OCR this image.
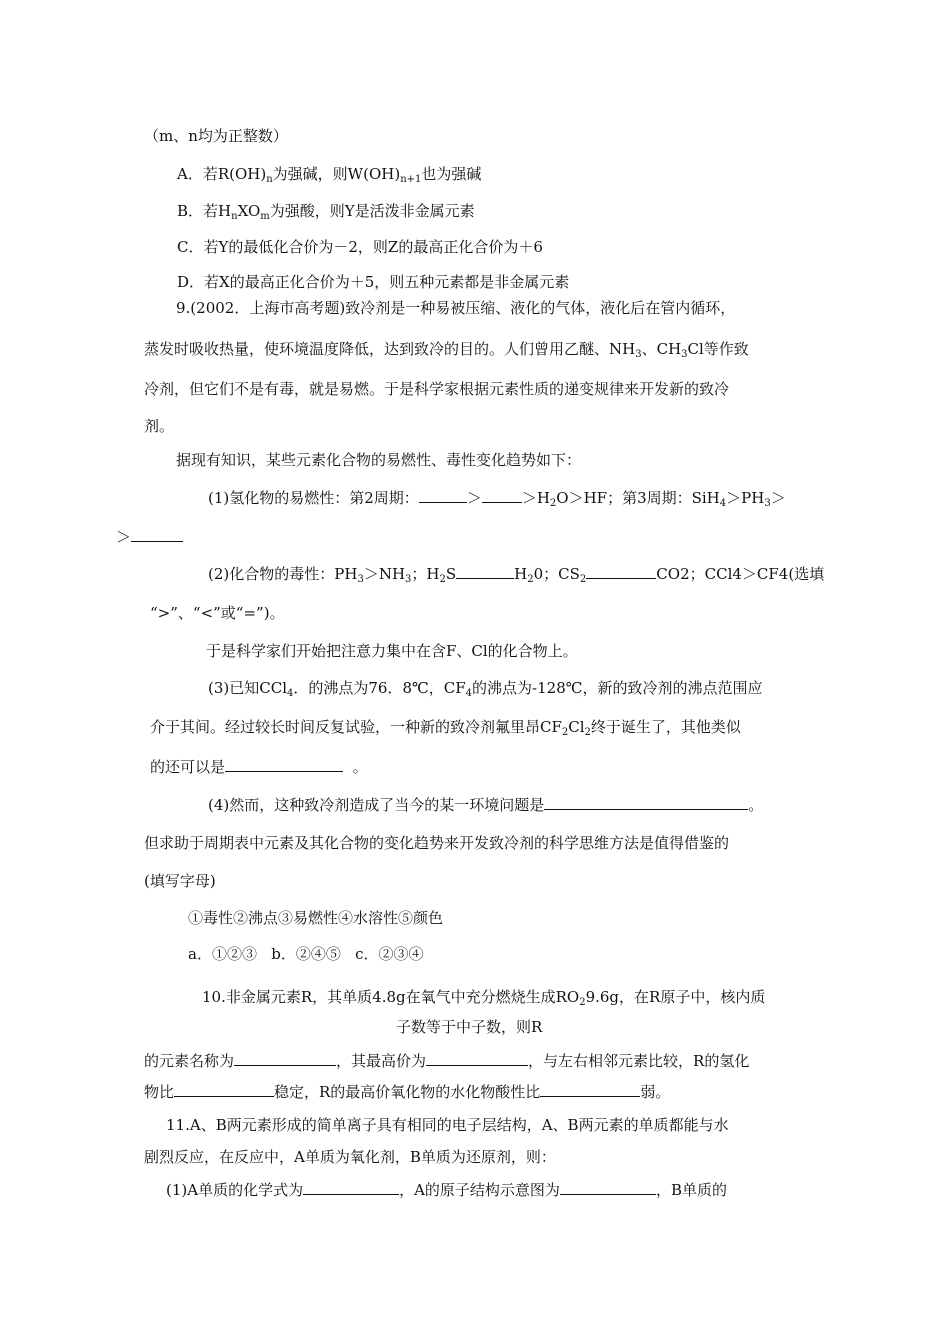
（m、n均为正整数）
A．若$R(OH)_n$为强碱，则$W(OH)_{n+1}$也为强碱
B．若$H_nXO_m$为强酸，则Y是活泼非金属元素
C．若Y的最低化合价为－2，则Z的最高正化合价为＋6
D．若X的最高正化合价为＋5，则五种元素都是非金属元素
9.(2002．上海市高考题)致冷剂是一种易被压缩、液化的气体，液化后在管内循环，
蒸发时吸收热量，使环境温度降低，达到致冷的目的。人们曾用乙醚、$NH_3$、$CH_3Cl$等作致
冷剂，但它们不是有毒，就是易燃。于是科学家根据元素性质的递变规律来开发新的致冷
剂。
据现有知识，某些元素化合物的易燃性、毒性变化趋势如下：
(1)氢化物的易燃性：第2周期：	＞	$>H_2O>HF$；第3周期：$SiH_4>PH_3>$
＞
(2)化合物的毒性：$PH_3>NH_3$；$H_2S$	$H_20$；$CS_2$	CO2；CCl4＞CF4(选填
“>”、“<”或“=”)。
于是科学家们开始把注意力集中在含F、Cl的化合物上。
(3)已知CCl$_4$．的沸点为76．8℃，$CF_4$的沸点为-128℃，新的致冷剂的沸点范围应
介于其间。经过较长时间反复试验，一种新的致冷剂氟里昂$CF_2Cl_2$终于诞生了，其他类似
的还可以是	。
(4)然而，这种致冷剂造成了当今的某一环境问题是	。
但求助于周期表中元素及其化合物的变化趋势来开发致冷剂的科学思维方法是值得借鉴的
(填写字母)
①毒性②沸点③易燃性④水溶性⑤颜色
a．①②③   b．②④⑤   c．②③④
10.非金属元素R，其单质4.8g在氧气中充分燃烧生成$RO_29.6g$，在R原子中，核内质
子数等于中子数，则R
的元素名称为	，其最高价为	，与左右相邻元素比较，R的氢化
物比	稳定，R的最高价氧化物的水化物酸性比	弱。
11.A、B两元素形成的简单离子具有相同的电子层结构，A、B两元素的单质都能与水
剧烈反应，在反应中，A单质为氧化剂，B单质为还原剂，则：
(1)A单质的化学式为	，A的原子结构示意图为	，B单质的
